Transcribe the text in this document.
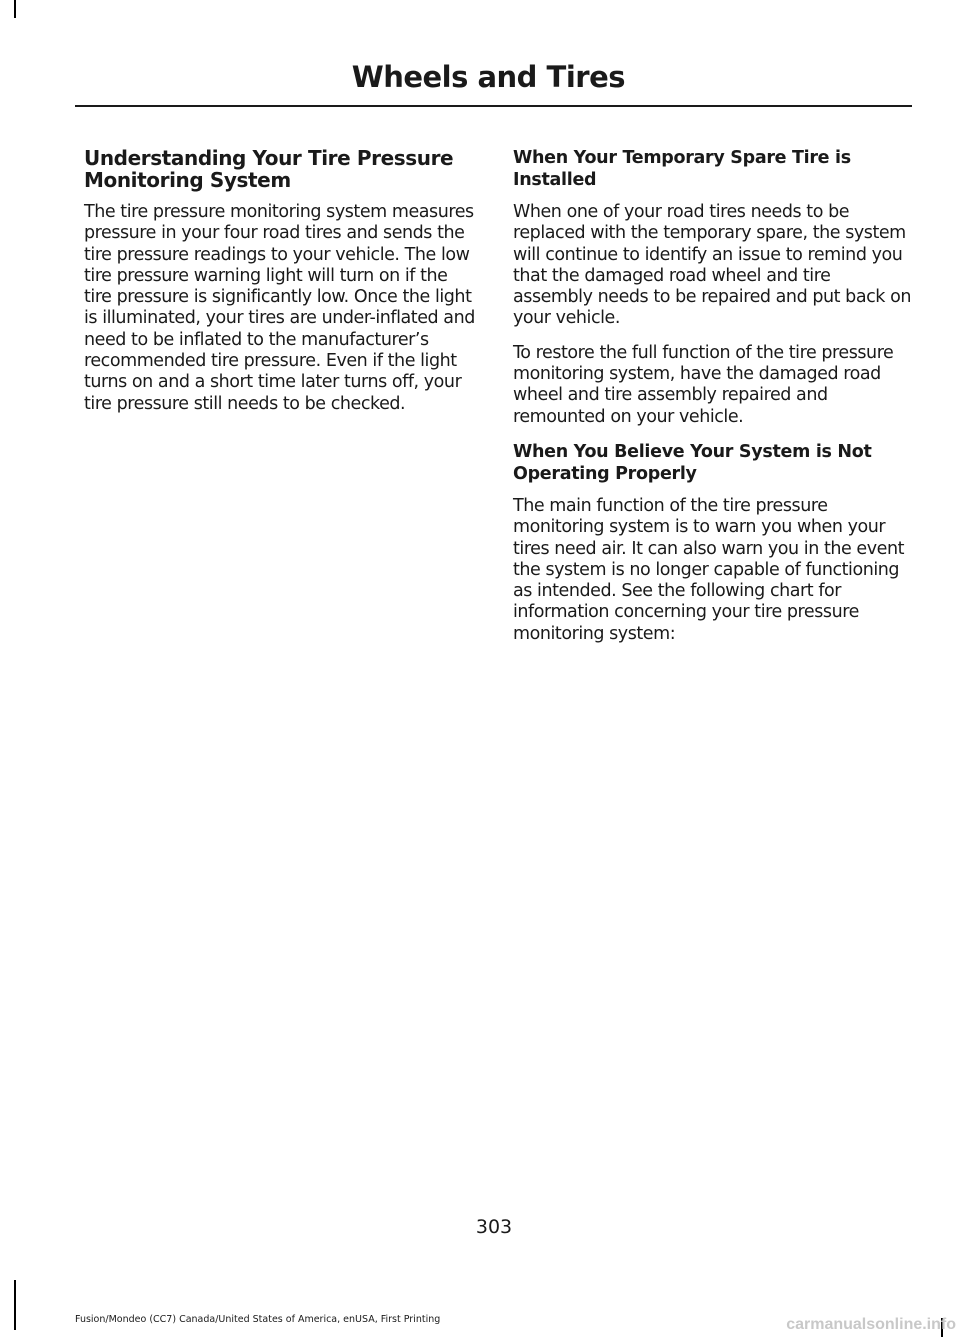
Wheels and Tires
Understanding Your Tire Pressure Monitoring System

The tire pressure monitoring system measures pressure in your four road tires and sends the tire pressure readings to your vehicle. The low tire pressure warning light will turn on if the tire pressure is significantly low. Once the light is illuminated, your tires are under-inflated and need to be inflated to the manufacturer’s recommended tire pressure. Even if the light turns on and a short time later turns off, your tire pressure still needs to be checked.

When Your Temporary Spare Tire is Installed

When one of your road tires needs to be replaced with the temporary spare, the system will continue to identify an issue to remind you that the damaged road wheel and tire assembly needs to be repaired and put back on your vehicle.

To restore the full function of the tire pressure monitoring system, have the damaged road wheel and tire assembly repaired and remounted on your vehicle.

When You Believe Your System is Not Operating Properly

The main function of the tire pressure monitoring system is to warn you when your tires need air. It can also warn you in the event the system is no longer capable of functioning as intended. See the following chart for information concerning your tire pressure monitoring system:

303
Fusion/Mondeo (CC7) Canada/United States of America, enUSA, First Printing	carmanualsonline.info
